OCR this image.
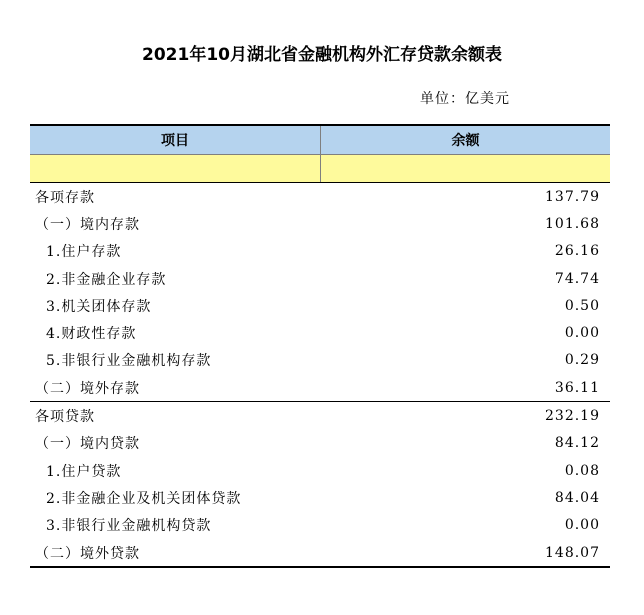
2021年10月湖北省金融机构外汇存贷款余额表
单位：亿美元
项目	余额
各项存款	137.79
（一）境内存款	101.68
1.住户存款	26.16
2.非金融企业存款	74.74
3.机关团体存款	0.50
4.财政性存款	0.00
5.非银行业金融机构存款	0.29
（二）境外存款	36.11
各项贷款	232.19
（一）境内贷款	84.12
1.住户贷款	0.08
2.非金融企业及机关团体贷款	84.04
3.非银行业金融机构贷款	0.00
（二）境外贷款	148.07
